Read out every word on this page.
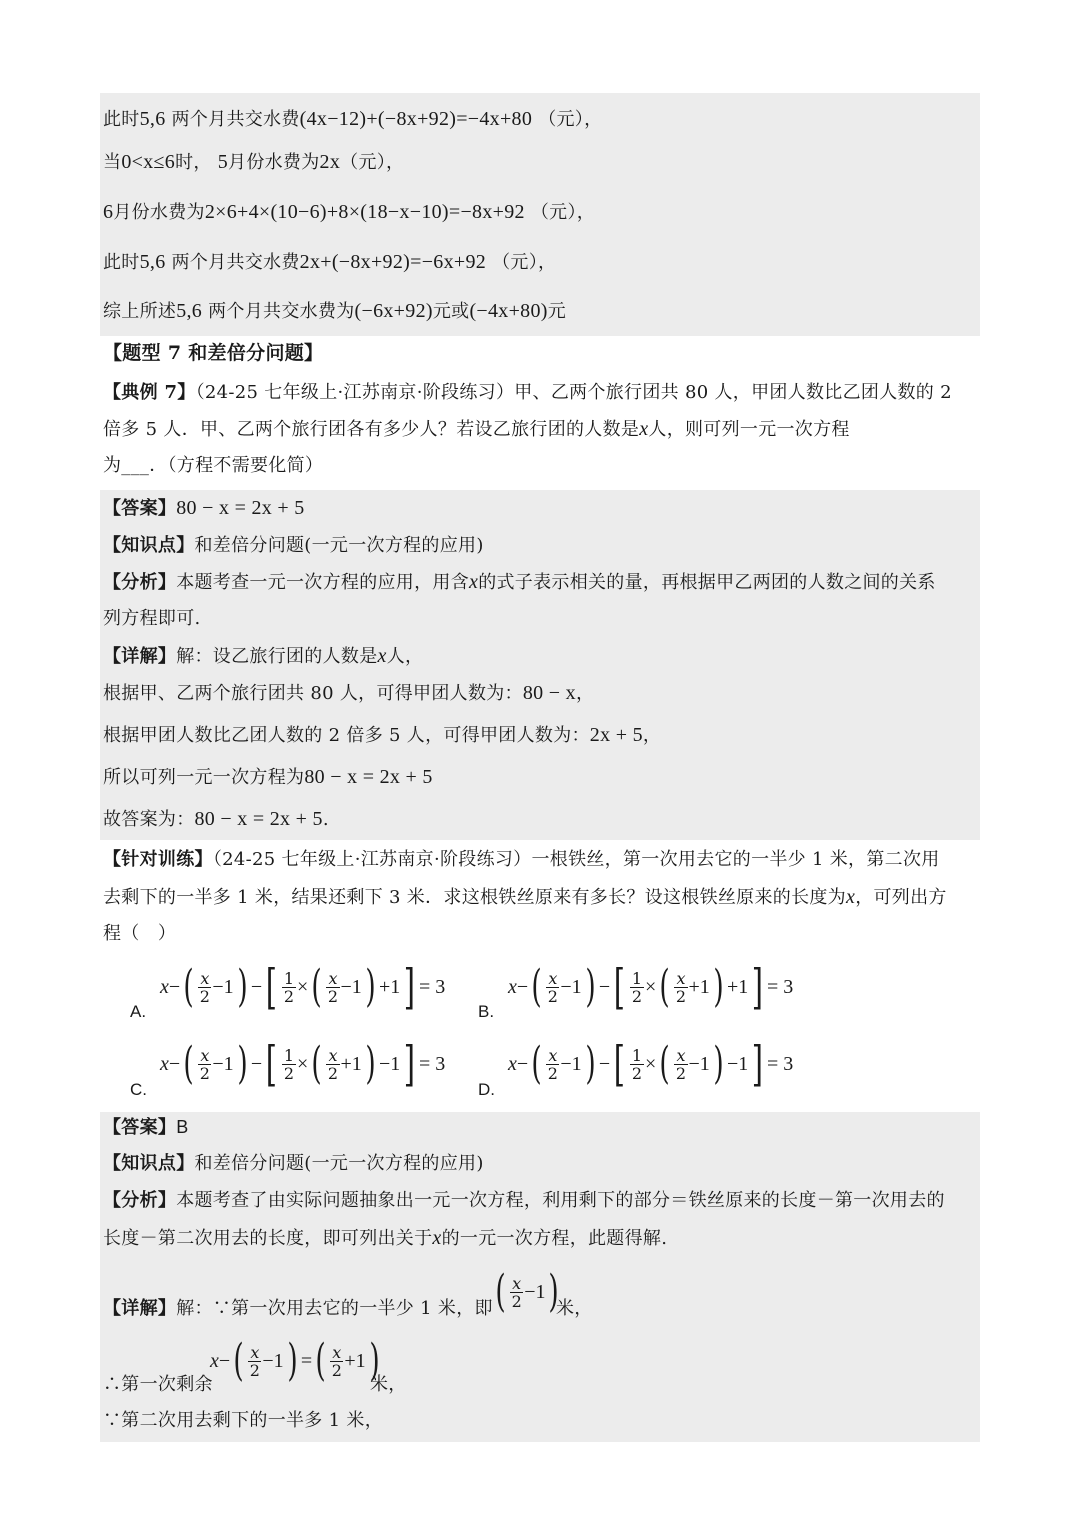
此时5,6 两个月共交水费(4x−12)+(−8x+92)=−4x+80 （元），
当0<x≤6时， 5月份水费为2x（元），
6月份水费为2×6+4×(10−6)+8×(18−x−10)=−8x+92 （元），
此时5,6 两个月共交水费2x+(−8x+92)=−6x+92 （元），
综上所述5,6 两个月共交水费为(−6x+92)元或(−4x+80)元
【题型 7 和差倍分问题】
【典例 7】（24-25 七年级上·江苏南京·阶段练习）甲、乙两个旅行团共 80 人，甲团人数比乙团人数的 2
倍多 5 人．甲、乙两个旅行团各有多少人？若设乙旅行团的人数是x人，则可列一元一次方程
为___．（方程不需要化简）
【答案】80 − x = 2x + 5
【知识点】和差倍分问题(一元一次方程的应用)
【分析】本题考查一元一次方程的应用，用含x的式子表示相关的量，再根据甲乙两团的人数之间的关系
列方程即可.
【详解】解：设乙旅行团的人数是x人，
根据甲、乙两个旅行团共 80 人，可得甲团人数为：80 − x，
根据甲团人数比乙团人数的 2 倍多 5 人，可得甲团人数为：2x + 5，
所以可列一元一次方程为80 − x = 2x + 5
故答案为：80 − x = 2x + 5.
【针对训练】（24-25 七年级上·江苏南京·阶段练习）一根铁丝，第一次用去它的一半少 1 米，第二次用
去剩下的一半多 1 米，结果还剩下 3 米．求这根铁丝原来有多长？设这根铁丝原来的长度为x，可列出方
程（　）
A.
x − ( $\frac{x}{2} - 1$ ) − [ $\frac{1}{2}$ × ( $\frac{x}{2} - 1$ ) + 1 ] = 3
B.
x − ( $\frac{x}{2} - 1$ ) − [ $\frac{1}{2}$ × ( $\frac{x}{2} + 1$ ) + 1 ] = 3
C.
x − ( $\frac{x}{2} - 1$ ) − [ $\frac{1}{2}$ × ( $\frac{x}{2} + 1$ ) − 1 ] = 3
D.
x − ( $\frac{x}{2} - 1$ ) − [ $\frac{1}{2}$ × ( $\frac{x}{2} - 1$ ) − 1 ] = 3
【答案】B
【知识点】和差倍分问题(一元一次方程的应用)
【分析】本题考查了由实际问题抽象出一元一次方程，利用剩下的部分＝铁丝原来的长度－第一次用去的
长度－第二次用去的长度，即可列出关于x的一元一次方程，此题得解.
【详解】解：∵第一次用去它的一半少 1 米，即 ( $\frac{x}{2} - 1$ )
米，
∴第一次剩余
x − ( $\frac{x}{2} - 1$ ) = ( $\frac{x}{2} + 1$ )
米，
∵第二次用去剩下的一半多 1 米，
